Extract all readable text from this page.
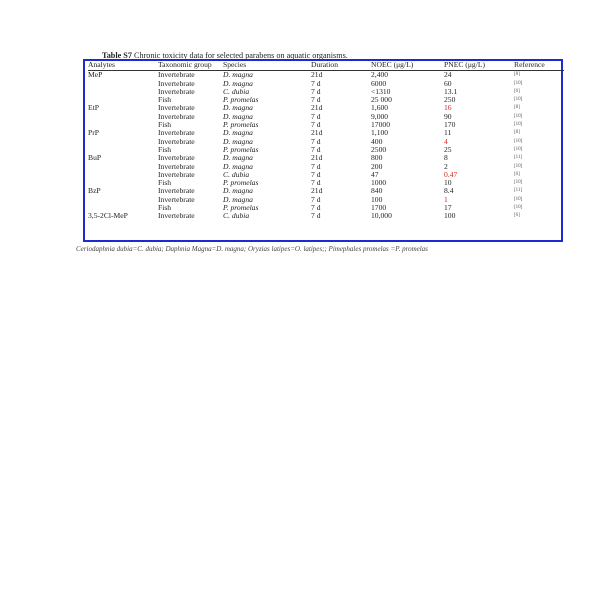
Table S7 Chronic toxicity data for selected parabens on aquatic organisms.
Analytes	Taxonomic group	Species	Duration	NOEC (μg/L)	PNEC (μg/L)	Reference
MeP	Invertebrate	D. magna	21d	2,400	24	[8]
	Invertebrate	D. magna	7 d	6000	60	[10]
	Invertebrate	C. dubia	7 d	<1310	13.1	[6]
	Fish	P. promelas	7 d	25 000	250	[10]
EtP	Invertebrate	D. magna	21d	1,600	16	[8]
	Invertebrate	D. magna	7 d	9,000	90	[10]
	Fish	P. promelas	7 d	17000	170	[10]
PrP	Invertebrate	D. magna	21d	1,100	11	[8]
	Invertebrate	D. magna	7 d	400	4	[10]
	Fish	P. promelas	7 d	2500	25	[10]
BuP	Invertebrate	D. magna	21d	800	8	[11]
	Invertebrate	D. magna	7 d	200	2	[10]
	Invertebrate	C. dubia	7 d	47	0.47	[6]
	Fish	P. promelas	7 d	1000	10	[10]
BzP	Invertebrate	D. magna	21d	840	8.4	[11]
	Invertebrate	D. magna	7 d	100	1	[10]
	Fish	P. promelas	7 d	1700	17	[10]
3,5-2Cl-MeP	Invertebrate	C. dubia	7 d	10,000	100	[6]
Ceriodaphnia dubia=C. dubia; Daphnia Magna=D. magna; Oryzias latipes=O. latipes;; Pimephales promelas =P. promelas
